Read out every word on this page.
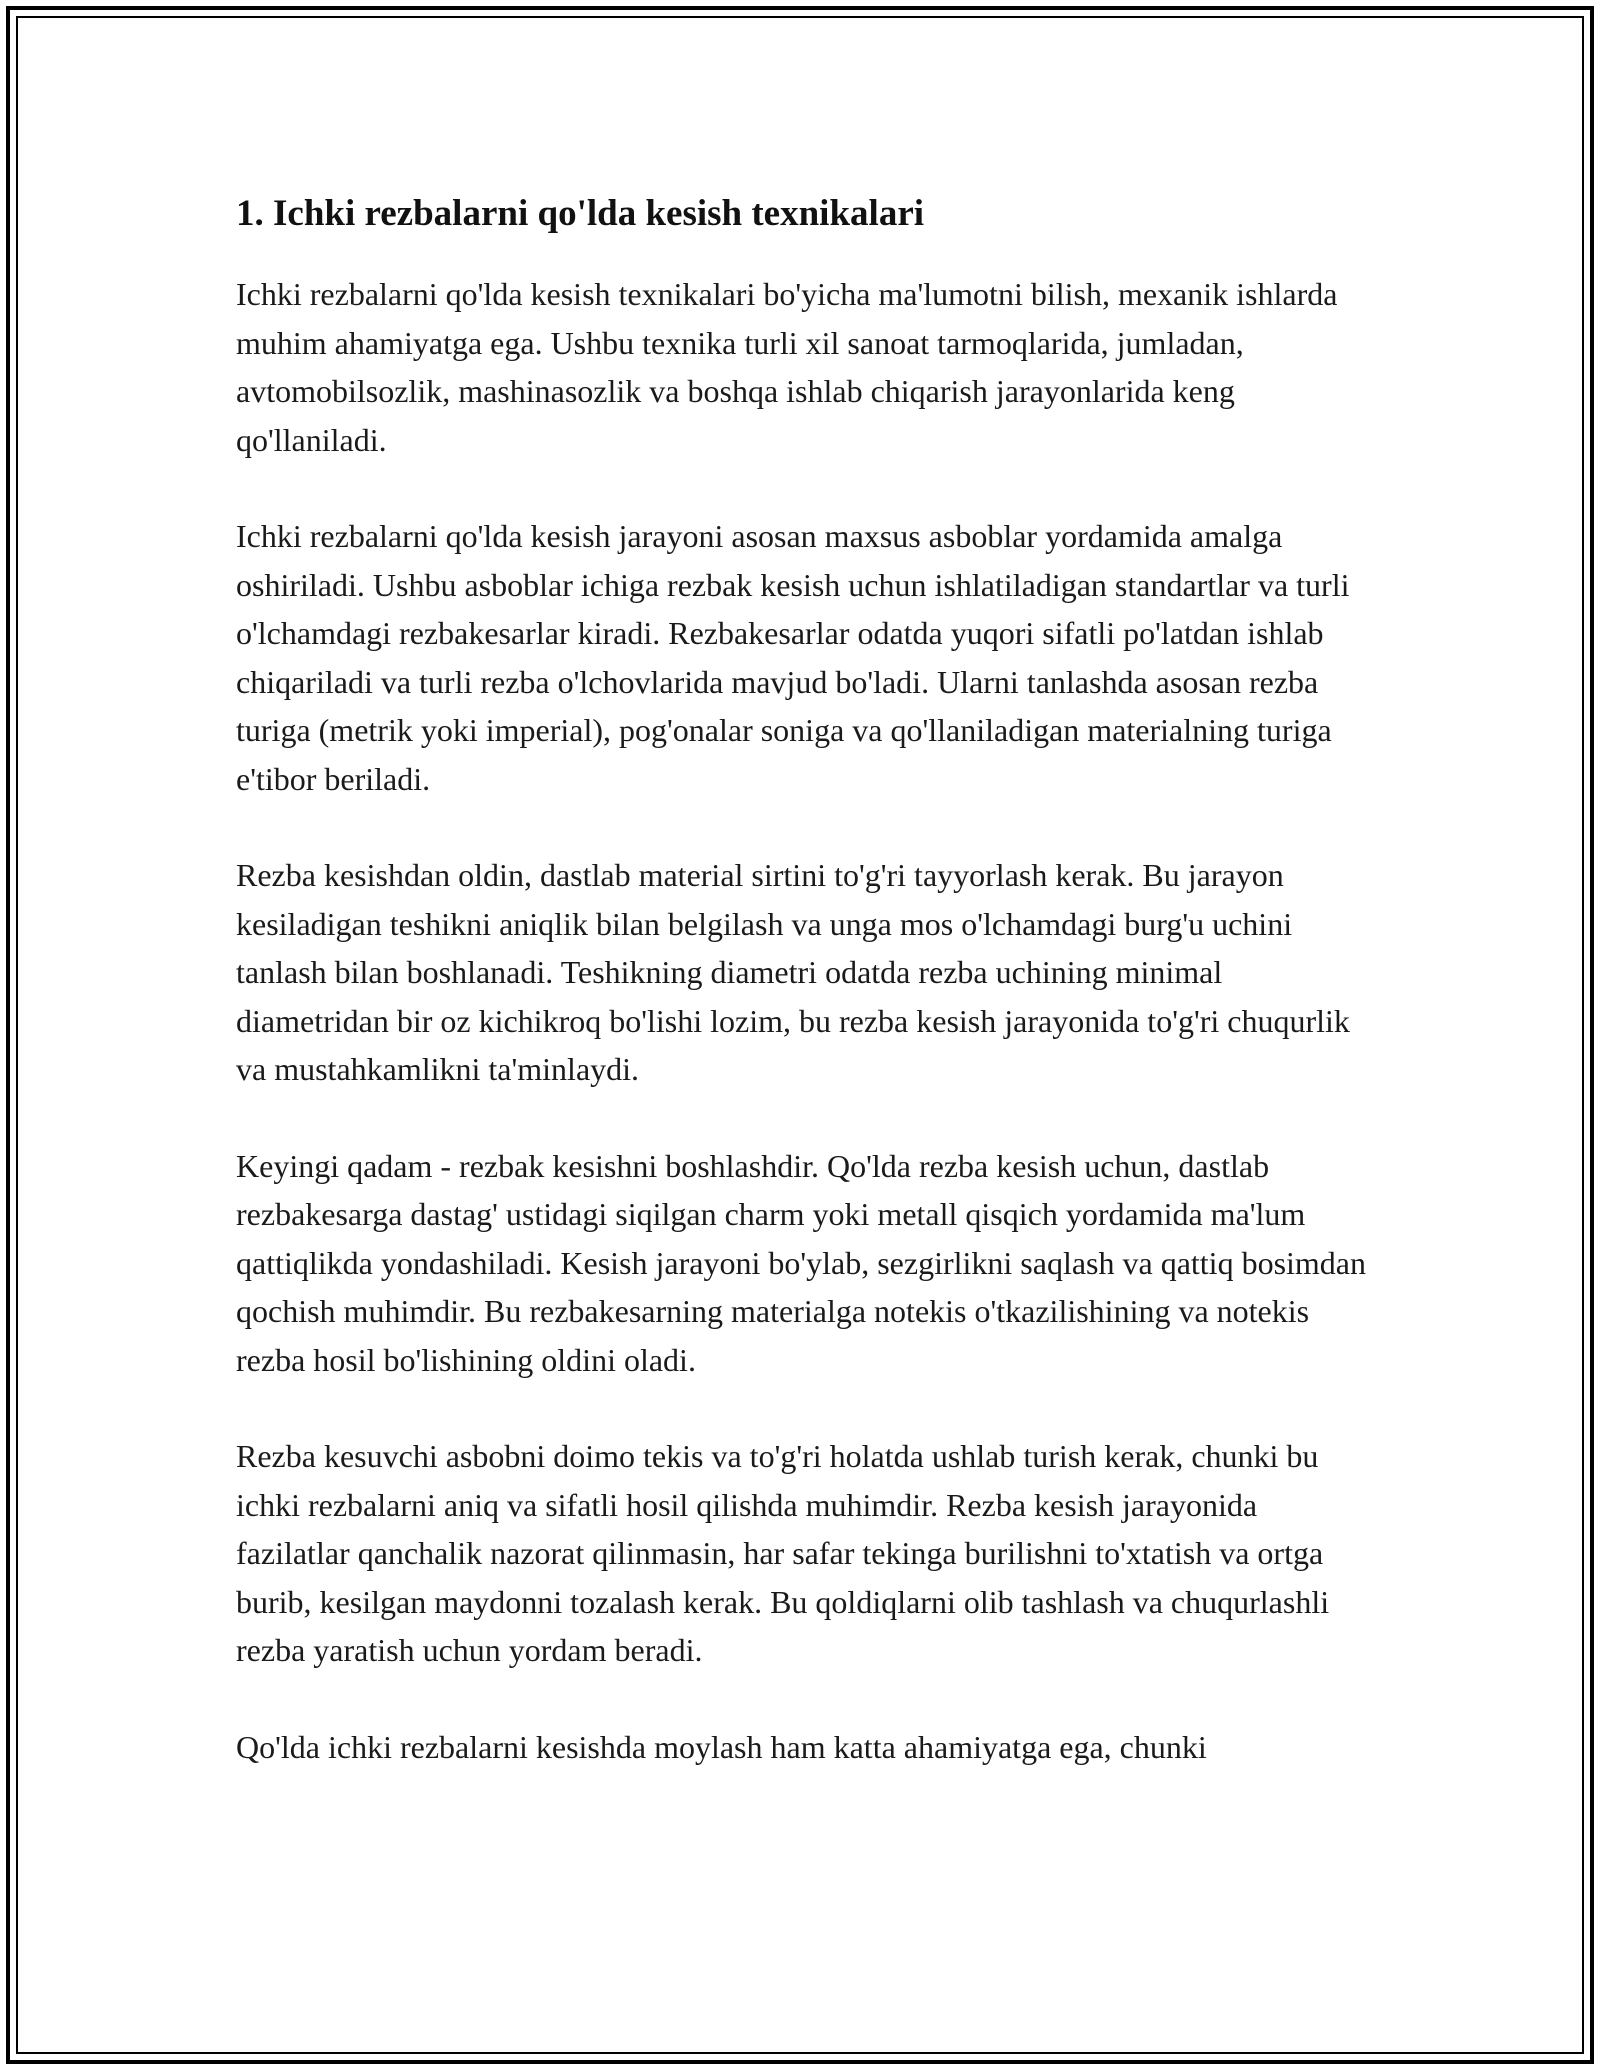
1. Ichki rezbalarni qo'lda kesish texnikalari

Ichki rezbalarni qo'lda kesish texnikalari bo'yicha ma'lumotni bilish, mexanik ishlarda muhim ahamiyatga ega. Ushbu texnika turli xil sanoat tarmoqlarida, jumladan, avtomobilsozlik, mashinasozlik va boshqa ishlab chiqarish jarayonlarida keng qo'llaniladi.

Ichki rezbalarni qo'lda kesish jarayoni asosan maxsus asboblar yordamida amalga oshiriladi. Ushbu asboblar ichiga rezbak kesish uchun ishlatiladigan standartlar va turli o'lchamdagi rezbakesarlar kiradi. Rezbakesarlar odatda yuqori sifatli po'latdan ishlab chiqariladi va turli rezba o'lchovlarida mavjud bo'ladi. Ularni tanlashda asosan rezba turiga (metrik yoki imperial), pog'onalar soniga va qo'llaniladigan materialning turiga e'tibor beriladi.

Rezba kesishdan oldin, dastlab material sirtini to'g'ri tayyorlash kerak. Bu jarayon kesiladigan teshikni aniqlik bilan belgilash va unga mos o'lchamdagi burg'u uchini tanlash bilan boshlanadi. Teshikning diametri odatda rezba uchining minimal diametridan bir oz kichikroq bo'lishi lozim, bu rezba kesish jarayonida to'g'ri chuqurlik va mustahkamlikni ta'minlaydi.

Keyingi qadam - rezbak kesishni boshlashdir. Qo'lda rezba kesish uchun, dastlab rezbakesarga dastag' ustidagi siqilgan charm yoki metall qisqich yordamida ma'lum qattiqlikda yondashiladi. Kesish jarayoni bo'ylab, sezgirlikni saqlash va qattiq bosimdan qochish muhimdir. Bu rezbakesarning materialga notekis o'tkazilishining va notekis rezba hosil bo'lishining oldini oladi.

Rezba kesuvchi asbobni doimo tekis va to'g'ri holatda ushlab turish kerak, chunki bu ichki rezbalarni aniq va sifatli hosil qilishda muhimdir. Rezba kesish jarayonida fazilatlar qanchalik nazorat qilinmasin, har safar tekinga burilishni to'xtatish va ortga burib, kesilgan maydonni tozalash kerak. Bu qoldiqlarni olib tashlash va chuqurlashli rezba yaratish uchun yordam beradi.

Qo'lda ichki rezbalarni kesishda moylash ham katta ahamiyatga ega, chunki
